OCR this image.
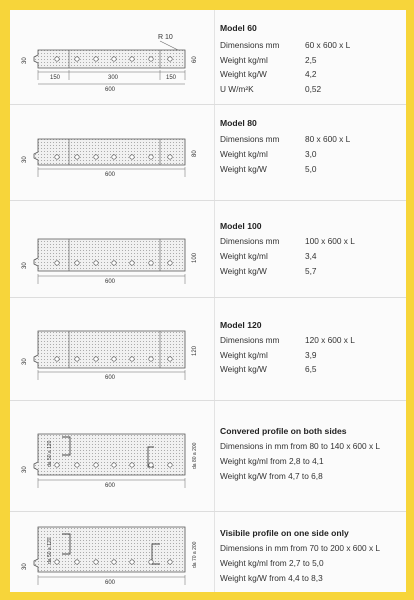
R 10
30	60
150	300	150
600
Model 60
Dimensions mm	60 x 600 x L
Weight kg/ml	2,5
Weight kg/W	4,2
U W/m²K	0,52
30
80
600
Model 80
Dimensions mm	80 x 600 x L
Weight kg/ml	3,0
Weight kg/W	5,0
30
100
600
Model 100
Dimensions mm	100 x 600 x L
Weight kg/ml	3,4
Weight kg/W	5,7
30
120
600
Model 120
Dimensions mm	120 x 600 x L
Weight kg/ml	3,9
Weight kg/W	6,5
30
da 50 a 120	da 80 a 200
600
Convered profile on both sides
Dimensions in mm from 80 to 140 x 600 x L
Weight kg/ml from 2,8 to 4,1
Weight kg/W from 4,7 to 6,8
30
da 50 a 120	da 70 a 200
600
Visibile profile on one side only
Dimensions in mm from 70 to 200 x 600 x L
Weight kg/ml from 2,7 to 5,0
Weight kg/W from 4,4 to 8,3
